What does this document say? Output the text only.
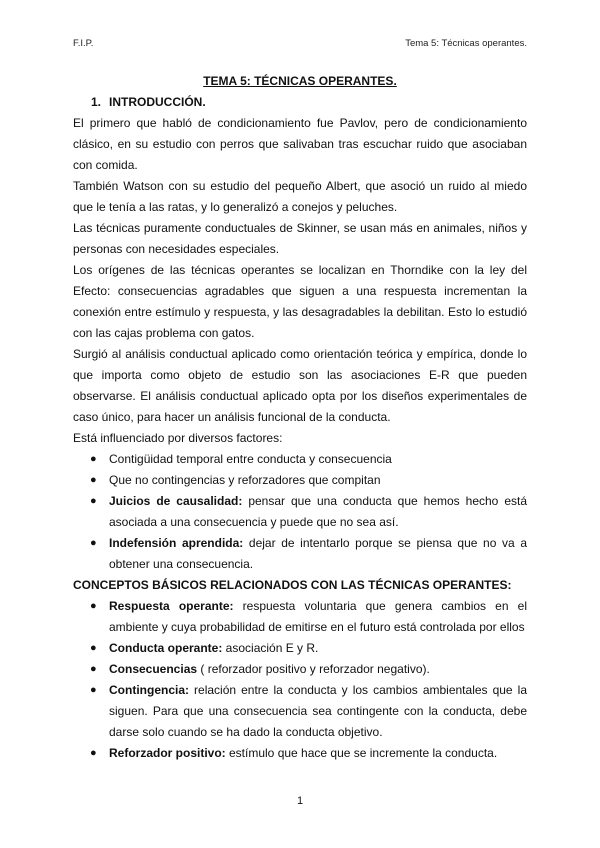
F.I.P.	Tema 5: Técnicas operantes.
TEMA 5: TÉCNICAS OPERANTES.
1. INTRODUCCIÓN.

El primero que habló de condicionamiento fue Pavlov, pero de condicionamiento clásico, en su estudio con perros que salivaban tras escuchar ruido que asociaban con comida.

También Watson con su estudio del pequeño Albert, que asoció un ruido al miedo que le tenía a las ratas, y lo generalizó a conejos y peluches.

Las técnicas puramente conductuales de Skinner, se usan más en animales, niños y personas con necesidades especiales.

Los orígenes de las técnicas operantes se localizan en Thorndike con la ley del Efecto: consecuencias agradables que siguen a una respuesta incrementan la conexión entre estímulo y respuesta, y las desagradables la debilitan. Esto lo estudió con las cajas problema con gatos.

Surgió al análisis conductual aplicado como orientación teórica y empírica, donde lo que importa como objeto de estudio son las asociaciones E-R que pueden observarse. El análisis conductual aplicado opta por los diseños experimentales de caso único, para hacer un análisis funcional de la conducta.

Está influenciado por diversos factores:

● Contigüidad temporal entre conducta y consecuencia
● Que no contingencias y reforzadores que compitan
● Juicios de causalidad: pensar que una conducta que hemos hecho está asociada a una consecuencia y puede que no sea así.
● Indefensión aprendida: dejar de intentarlo porque se piensa que no va a obtener una consecuencia.
CONCEPTOS BÁSICOS RELACIONADOS CON LAS TÉCNICAS OPERANTES:
● Respuesta operante: respuesta voluntaria que genera cambios en el ambiente y cuya probabilidad de emitirse en el futuro está controlada por ellos
● Conducta operante: asociación E y R.
● Consecuencias ( reforzador positivo y reforzador negativo).
● Contingencia: relación entre la conducta y los cambios ambientales que la siguen. Para que una consecuencia sea contingente con la conducta, debe darse solo cuando se ha dado la conducta objetivo.
● Reforzador positivo: estímulo que hace que se incremente la conducta.
1
